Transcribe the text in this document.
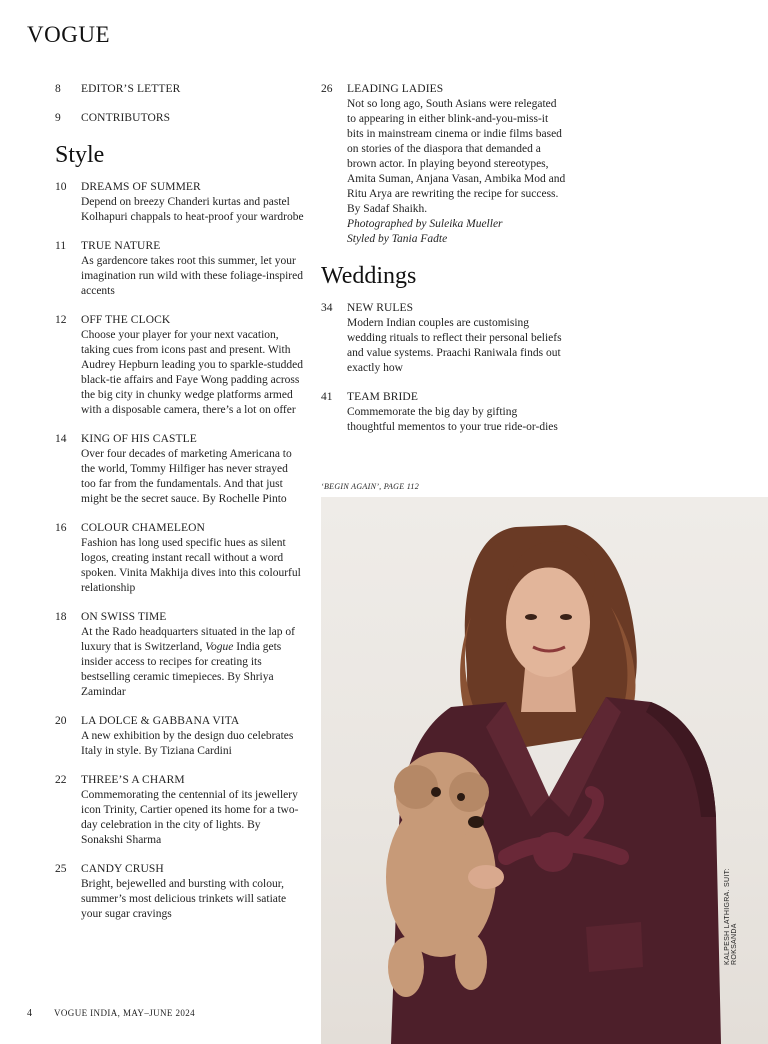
VOGUE
8 EDITOR’S LETTER
9 CONTRIBUTORS
Style
10 DREAMS OF SUMMER
Depend on breezy Chanderi kurtas and pastel Kolhapuri chappals to heat-proof your wardrobe
11 TRUE NATURE
As gardencore takes root this summer, let your imagination run wild with these foliage-inspired accents
12 OFF THE CLOCK
Choose your player for your next vacation, taking cues from icons past and present. With Audrey Hepburn leading you to sparkle-studded black-tie affairs and Faye Wong padding across the big city in chunky wedge platforms armed with a disposable camera, there’s a lot on offer
14 KING OF HIS CASTLE
Over four decades of marketing Americana to the world, Tommy Hilfiger has never strayed too far from the fundamentals. And that just might be the secret sauce. By Rochelle Pinto
16 COLOUR CHAMELEON
Fashion has long used specific hues as silent logos, creating instant recall without a word spoken. Vinita Makhija dives into this colourful relationship
18 ON SWISS TIME
At the Rado headquarters situated in the lap of luxury that is Switzerland, Vogue India gets insider access to recipes for creating its bestselling ceramic timepieces. By Shriya Zamindar
20 LA DOLCE & GABBANA VITA
A new exhibition by the design duo celebrates Italy in style. By Tiziana Cardini
22 THREE’S A CHARM
Commemorating the centennial of its jewellery icon Trinity, Cartier opened its home for a two-day celebration in the city of lights. By Sonakshi Sharma
25 CANDY CRUSH
Bright, bejewelled and bursting with colour, summer’s most delicious trinkets will satiate your sugar cravings
26 LEADING LADIES
Not so long ago, South Asians were relegated to appearing in either blink-and-you-miss-it bits in mainstream cinema or indie films based on stories of the diaspora that demanded a brown actor. In playing beyond stereotypes, Amita Suman, Anjana Vasan, Ambika Mod and Ritu Arya are rewriting the recipe for success. By Sadaf Shaikh.
Photographed by Suleika Mueller
Styled by Tania Fadte
Weddings
34 NEW RULES
Modern Indian couples are customising wedding rituals to reflect their personal beliefs and value systems. Praachi Raniwala finds out exactly how
41 TEAM BRIDE
Commemorate the big day by gifting thoughtful mementos to your true ride-or-dies
‘BEGIN AGAIN’, PAGE 112
KALPESH LATHIGRA. SUIT: ROKSANDA
4 VOGUE INDIA, MAY–JUNE 2024
